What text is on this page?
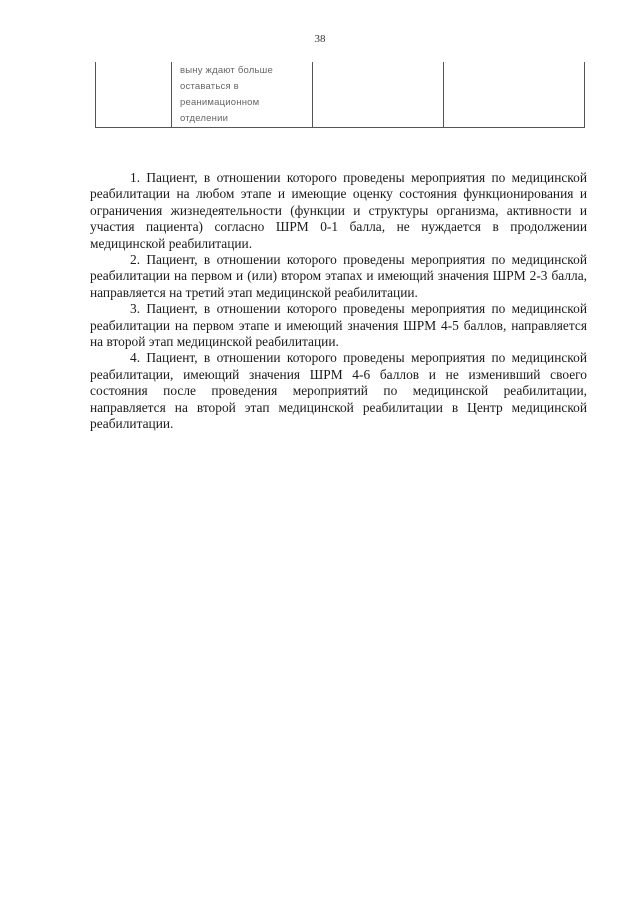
38

выну ждают больше
оставаться в
реанимационном
отделении

1. Пациент, в отношении которого проведены мероприятия по медицинской реабилитации на любом этапе и имеющие оценку состояния функционирования и ограничения жизнедеятельности (функции и структуры организма, активности и участия пациента) согласно ШРМ 0-1 балла, не нуждается в продолжении медицинской реабилитации.

2. Пациент, в отношении которого проведены мероприятия по медицинской реабилитации на первом и (или) втором этапах и имеющий значения ШРМ 2-3 балла, направляется на третий этап медицинской реабилитации.

3. Пациент, в отношении которого проведены мероприятия по медицинской реабилитации на первом этапе и имеющий значения ШРМ 4-5 баллов, направляется на второй этап медицинской реабилитации.

4. Пациент, в отношении которого проведены мероприятия по медицинской реабилитации, имеющий значения ШРМ 4-6 баллов и не изменивший своего состояния после проведения мероприятий по медицинской реабилитации, направляется на второй этап медицинской реабилитации в Центр медицинской реабилитации.
